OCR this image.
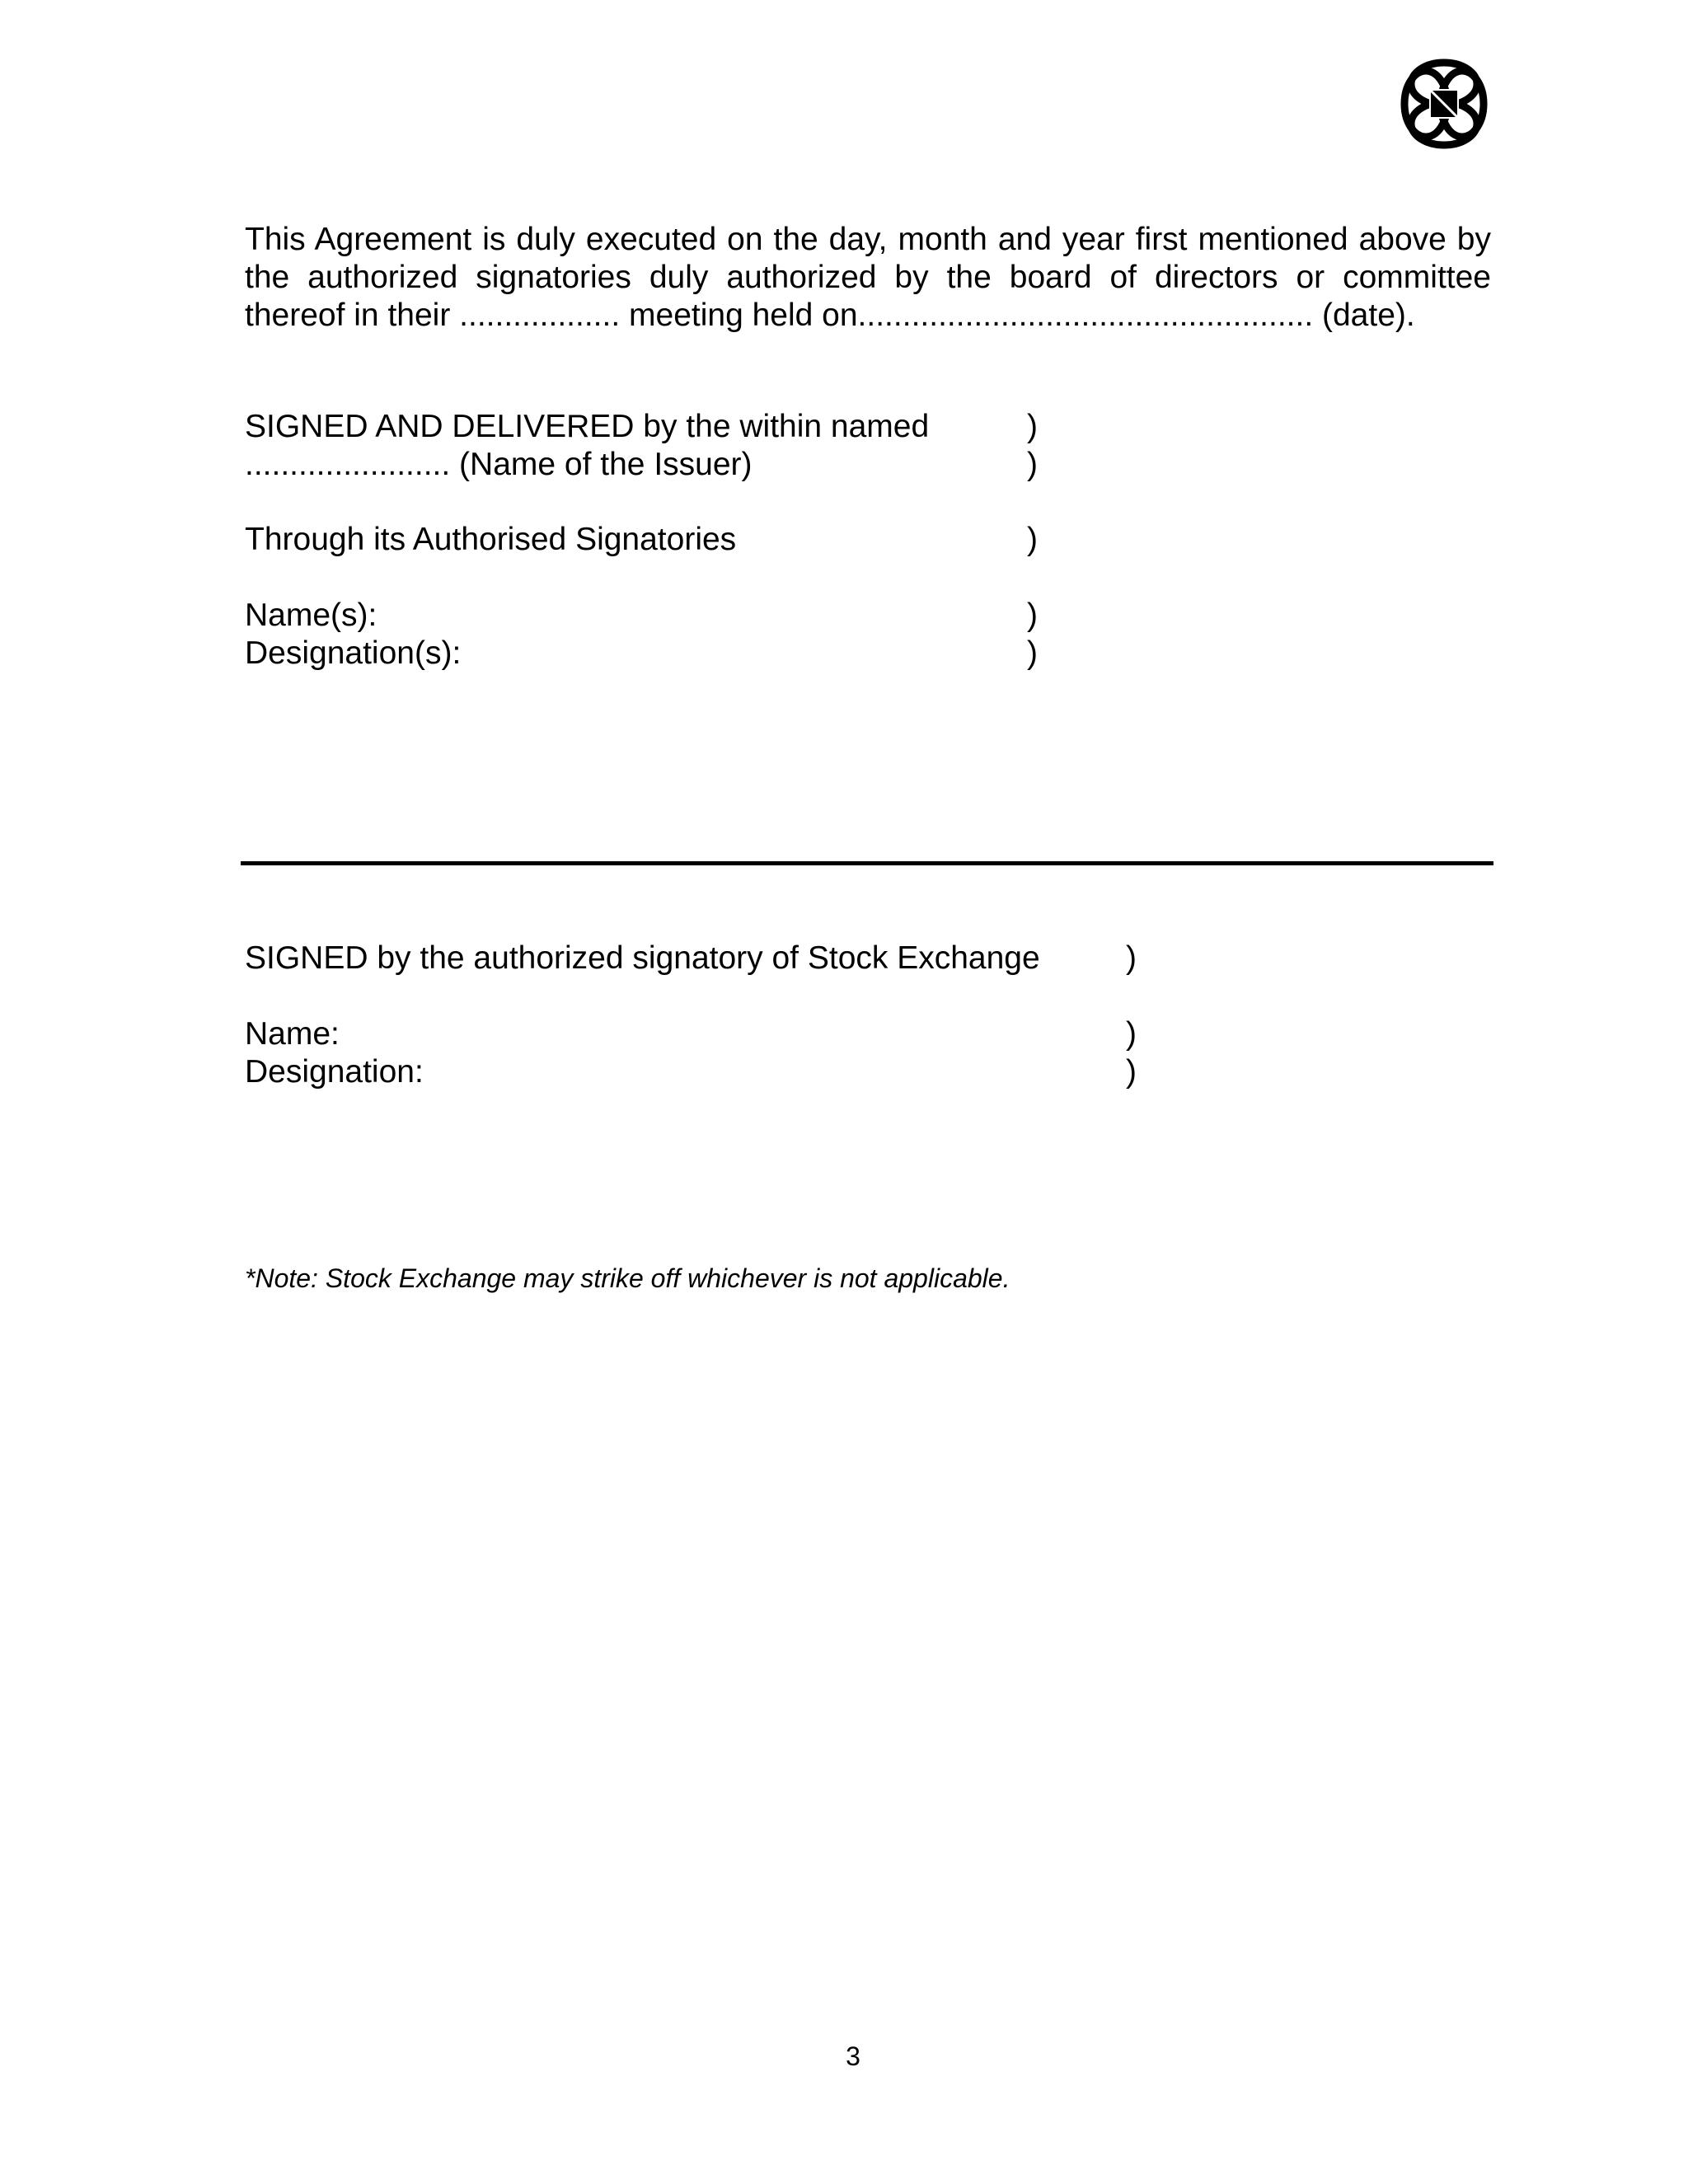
This Agreement is duly executed on the day, month and year first mentioned above by
the authorized signatories duly authorized by the board of directors or committee
thereof in their .................. meeting held on................................................... (date).
SIGNED AND DELIVERED by the within named	)
....................... (Name of the Issuer)	)
Through its Authorised Signatories	)
Name(s):	)
Designation(s):	)
SIGNED by the authorized signatory of Stock Exchange	)
Name:	)
Designation:	)
*Note: Stock Exchange may strike off whichever is not applicable.
3
